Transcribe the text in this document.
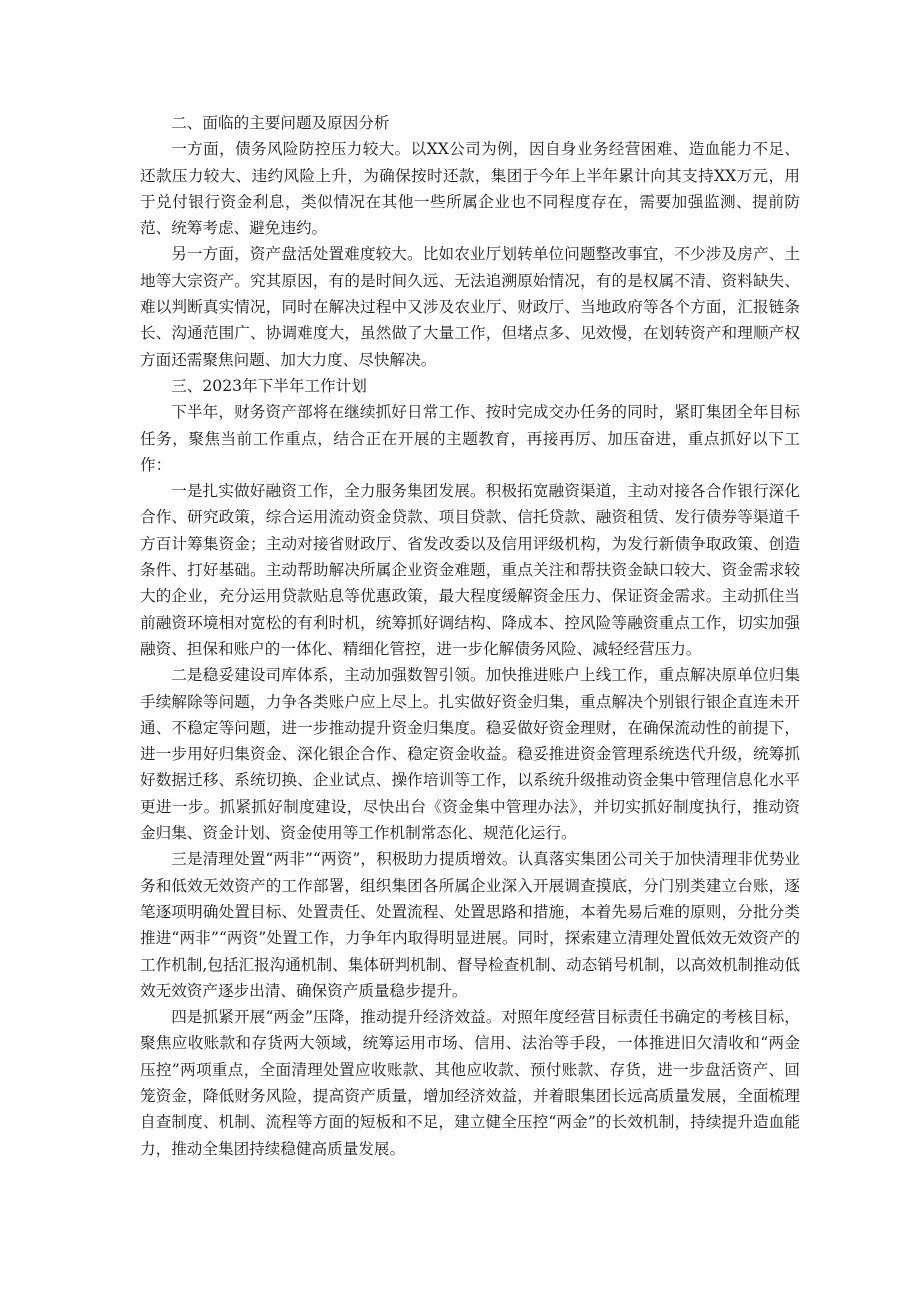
二、面临的主要问题及原因分析

一方面，债务风险防控压力较大。以XX公司为例，因自身业务经营困难、造血能力不足、还款压力较大、违约风险上升，为确保按时还款，集团于今年上半年累计向其支持XX万元，用于兑付银行资金利息，类似情况在其他一些所属企业也不同程度存在，需要加强监测、提前防范、统筹考虑、避免违约。

另一方面，资产盘活处置难度较大。比如农业厅划转单位问题整改事宜，不少涉及房产、土地等大宗资产。究其原因，有的是时间久远、无法追溯原始情况，有的是权属不清、资料缺失、难以判断真实情况，同时在解决过程中又涉及农业厅、财政厅、当地政府等各个方面，汇报链条长、沟通范围广、协调难度大，虽然做了大量工作，但堵点多、见效慢，在划转资产和理顺产权方面还需聚焦问题、加大力度、尽快解决。

三、2023年下半年工作计划

下半年，财务资产部将在继续抓好日常工作、按时完成交办任务的同时，紧盯集团全年目标任务，聚焦当前工作重点，结合正在开展的主题教育，再接再厉、加压奋进，重点抓好以下工作：

一是扎实做好融资工作，全力服务集团发展。积极拓宽融资渠道，主动对接各合作银行深化合作、研究政策，综合运用流动资金贷款、项目贷款、信托贷款、融资租赁、发行债券等渠道千方百计筹集资金；主动对接省财政厅、省发改委以及信用评级机构，为发行新债争取政策、创造条件、打好基础。主动帮助解决所属企业资金难题，重点关注和帮扶资金缺口较大、资金需求较大的企业，充分运用贷款贴息等优惠政策，最大程度缓解资金压力、保证资金需求。主动抓住当前融资环境相对宽松的有利时机，统筹抓好调结构、降成本、控风险等融资重点工作，切实加强融资、担保和账户的一体化、精细化管控，进一步化解债务风险、减轻经营压力。

二是稳妥建设司库体系，主动加强数智引领。加快推进账户上线工作，重点解决原单位归集手续解除等问题，力争各类账户应上尽上。扎实做好资金归集，重点解决个别银行银企直连未开通、不稳定等问题，进一步推动提升资金归集度。稳妥做好资金理财，在确保流动性的前提下，进一步用好归集资金、深化银企合作、稳定资金收益。稳妥推进资金管理系统迭代升级，统筹抓好数据迁移、系统切换、企业试点、操作培训等工作，以系统升级推动资金集中管理信息化水平更进一步。抓紧抓好制度建设，尽快出台《资金集中管理办法》，并切实抓好制度执行，推动资金归集、资金计划、资金使用等工作机制常态化、规范化运行。

三是清理处置“两非”“两资”，积极助力提质增效。认真落实集团公司关于加快清理非优势业务和低效无效资产的工作部署，组织集团各所属企业深入开展调查摸底，分门别类建立台账，逐笔逐项明确处置目标、处置责任、处置流程、处置思路和措施，本着先易后难的原则，分批分类推进“两非”“两资”处置工作，力争年内取得明显进展。同时，探索建立清理处置低效无效资产的工作机制,包括汇报沟通机制、集体研判机制、督导检查机制、动态销号机制，以高效机制推动低效无效资产逐步出清、确保资产质量稳步提升。

四是抓紧开展“两金”压降，推动提升经济效益。对照年度经营目标责任书确定的考核目标，聚焦应收账款和存货两大领域，统筹运用市场、信用、法治等手段，一体推进旧欠清收和“两金压控”两项重点，全面清理处置应收账款、其他应收款、预付账款、存货，进一步盘活资产、回笼资金，降低财务风险，提高资产质量，增加经济效益，并着眼集团长远高质量发展，全面梳理自查制度、机制、流程等方面的短板和不足，建立健全压控“两金”的长效机制，持续提升造血能力，推动全集团持续稳健高质量发展。
